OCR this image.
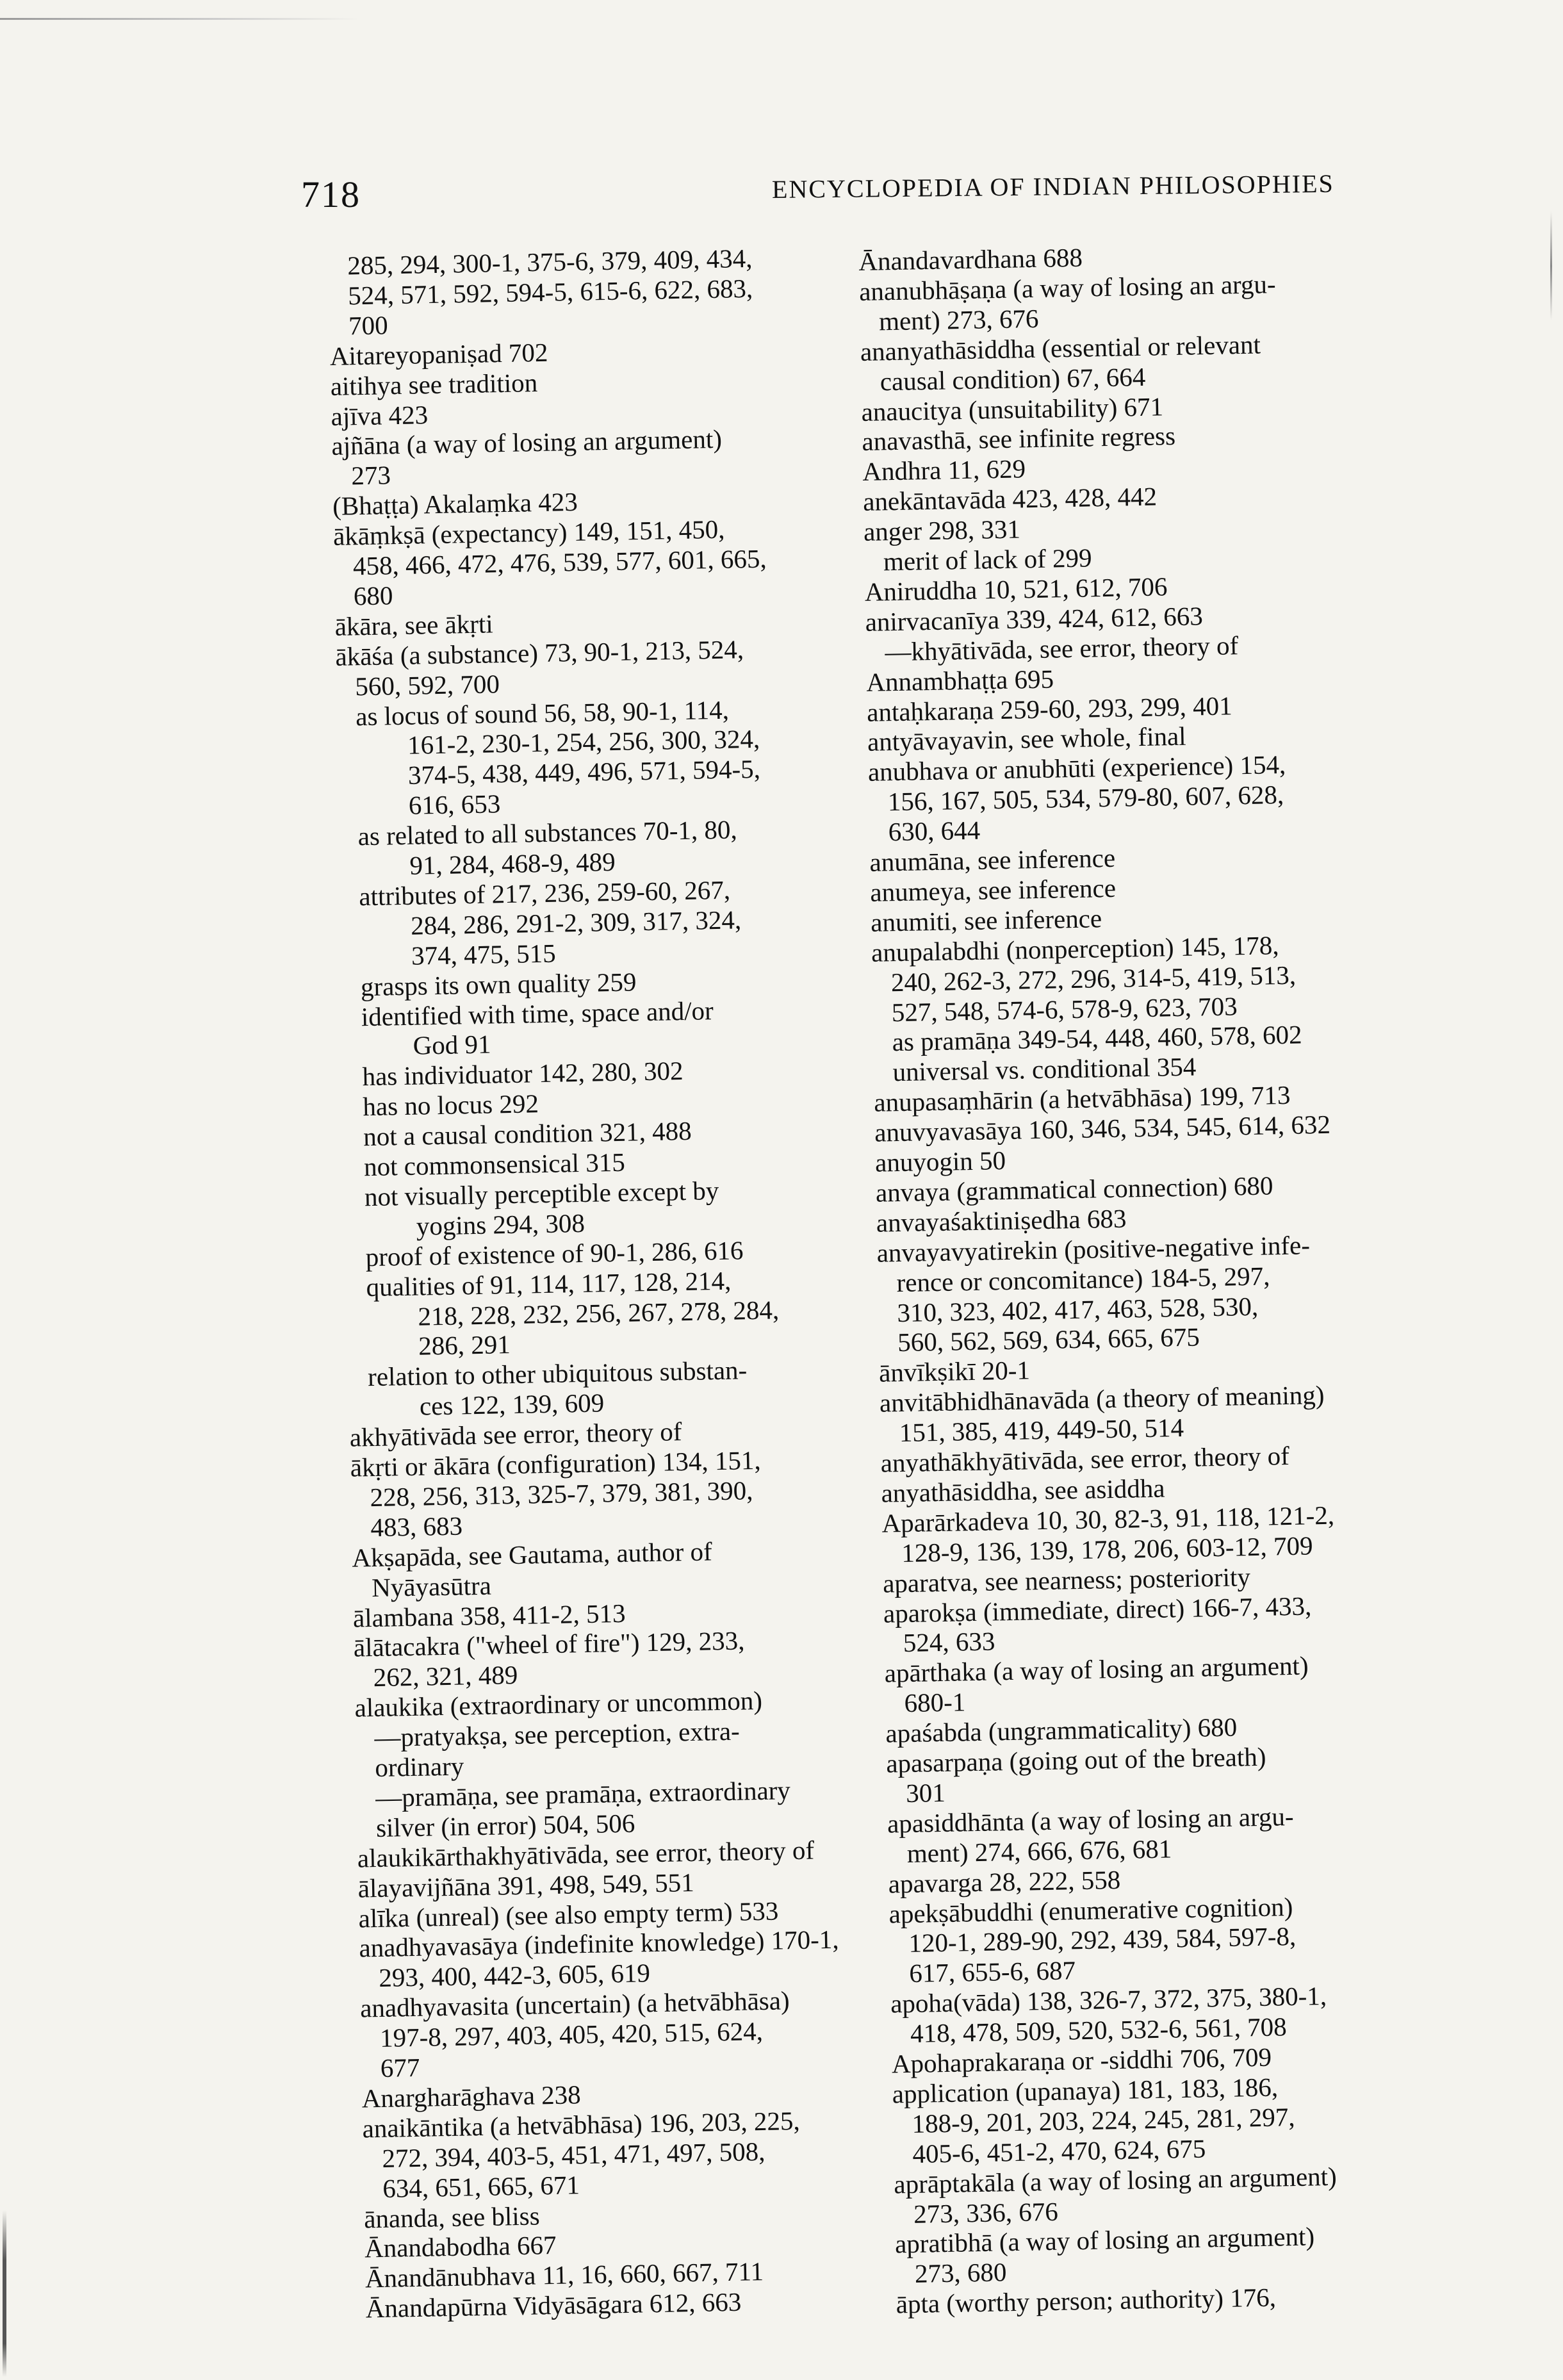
718	ENCYCLOPEDIA OF INDIAN PHILOSOPHIES
285, 294, 300-1, 375-6, 379, 409, 434,
524, 571, 592, 594-5, 615-6, 622, 683,
700
Aitareyopaniṣad 702
aitihya see tradition
ajīva 423
ajñāna (a way of losing an argument)
273
(Bhaṭṭa) Akalaṃka 423
ākāṃkṣā (expectancy) 149, 151, 450,
458, 466, 472, 476, 539, 577, 601, 665,
680
ākāra, see ākṛti
ākāśa (a substance) 73, 90-1, 213, 524,
560, 592, 700
as locus of sound 56, 58, 90-1, 114,
161-2, 230-1, 254, 256, 300, 324,
374-5, 438, 449, 496, 571, 594-5,
616, 653
as related to all substances 70-1, 80,
91, 284, 468-9, 489
attributes of 217, 236, 259-60, 267,
284, 286, 291-2, 309, 317, 324,
374, 475, 515
grasps its own quality 259
identified with time, space and/or
God 91
has individuator 142, 280, 302
has no locus 292
not a causal condition 321, 488
not commonsensical 315
not visually perceptible except by
yogins 294, 308
proof of existence of 90-1, 286, 616
qualities of 91, 114, 117, 128, 214,
218, 228, 232, 256, 267, 278, 284,
286, 291
relation to other ubiquitous substan-
ces 122, 139, 609
akhyātivāda see error, theory of
ākṛti or ākāra (configuration) 134, 151,
228, 256, 313, 325-7, 379, 381, 390,
483, 683
Akṣapāda, see Gautama, author of
Nyāyasūtra
ālambana 358, 411-2, 513
ālātacakra ("wheel of fire") 129, 233,
262, 321, 489
alaukika (extraordinary or uncommon)
—pratyakṣa, see perception, extra-
ordinary
—pramāṇa, see pramāṇa, extraordinary
silver (in error) 504, 506
alaukikārthakhyātivāda, see error, theory of
ālayavijñāna 391, 498, 549, 551
alīka (unreal) (see also empty term) 533
anadhyavasāya (indefinite knowledge) 170-1,
293, 400, 442-3, 605, 619
anadhyavasita (uncertain) (a hetvābhāsa)
197-8, 297, 403, 405, 420, 515, 624,
677
Anargharāghava 238
anaikāntika (a hetvābhāsa) 196, 203, 225,
272, 394, 403-5, 451, 471, 497, 508,
634, 651, 665, 671
ānanda, see bliss
Ānandabodha 667
Ānandānubhava 11, 16, 660, 667, 711
Ānandapūrna Vidyāsāgara 612, 663
Ānandavardhana 688
ananubhāṣaṇa (a way of losing an argu-
ment) 273, 676
ananyathāsiddha (essential or relevant
causal condition) 67, 664
anaucitya (unsuitability) 671
anavasthā, see infinite regress
Andhra 11, 629
anekāntavāda 423, 428, 442
anger 298, 331
merit of lack of 299
Aniruddha 10, 521, 612, 706
anirvacanīya 339, 424, 612, 663
—khyātivāda, see error, theory of
Annambhaṭṭa 695
antaḥkaraṇa 259-60, 293, 299, 401
antyāvayavin, see whole, final
anubhava or anubhūti (experience) 154,
156, 167, 505, 534, 579-80, 607, 628,
630, 644
anumāna, see inference
anumeya, see inference
anumiti, see inference
anupalabdhi (nonperception) 145, 178,
240, 262-3, 272, 296, 314-5, 419, 513,
527, 548, 574-6, 578-9, 623, 703
as pramāṇa 349-54, 448, 460, 578, 602
universal vs. conditional 354
anupasaṃhārin (a hetvābhāsa) 199, 713
anuvyavasāya 160, 346, 534, 545, 614, 632
anuyogin 50
anvaya (grammatical connection) 680
anvayaśaktiniṣedha 683
anvayavyatirekin (positive-negative infe-
rence or concomitance) 184-5, 297,
310, 323, 402, 417, 463, 528, 530,
560, 562, 569, 634, 665, 675
ānvīkṣikī 20-1
anvitābhidhānavāda (a theory of meaning)
151, 385, 419, 449-50, 514
anyathākhyātivāda, see error, theory of
anyathāsiddha, see asiddha
Aparārkadeva 10, 30, 82-3, 91, 118, 121-2,
128-9, 136, 139, 178, 206, 603-12, 709
aparatva, see nearness; posteriority
aparokṣa (immediate, direct) 166-7, 433,
524, 633
apārthaka (a way of losing an argument)
680-1
apaśabda (ungrammaticality) 680
apasarpaṇa (going out of the breath)
301
apasiddhānta (a way of losing an argu-
ment) 274, 666, 676, 681
apavarga 28, 222, 558
apekṣābuddhi (enumerative cognition)
120-1, 289-90, 292, 439, 584, 597-8,
617, 655-6, 687
apoha(vāda) 138, 326-7, 372, 375, 380-1,
418, 478, 509, 520, 532-6, 561, 708
Apohaprakaraṇa or -siddhi 706, 709
application (upanaya) 181, 183, 186,
188-9, 201, 203, 224, 245, 281, 297,
405-6, 451-2, 470, 624, 675
aprāptakāla (a way of losing an argument)
273, 336, 676
apratibhā (a way of losing an argument)
273, 680
āpta (worthy person; authority) 176,
